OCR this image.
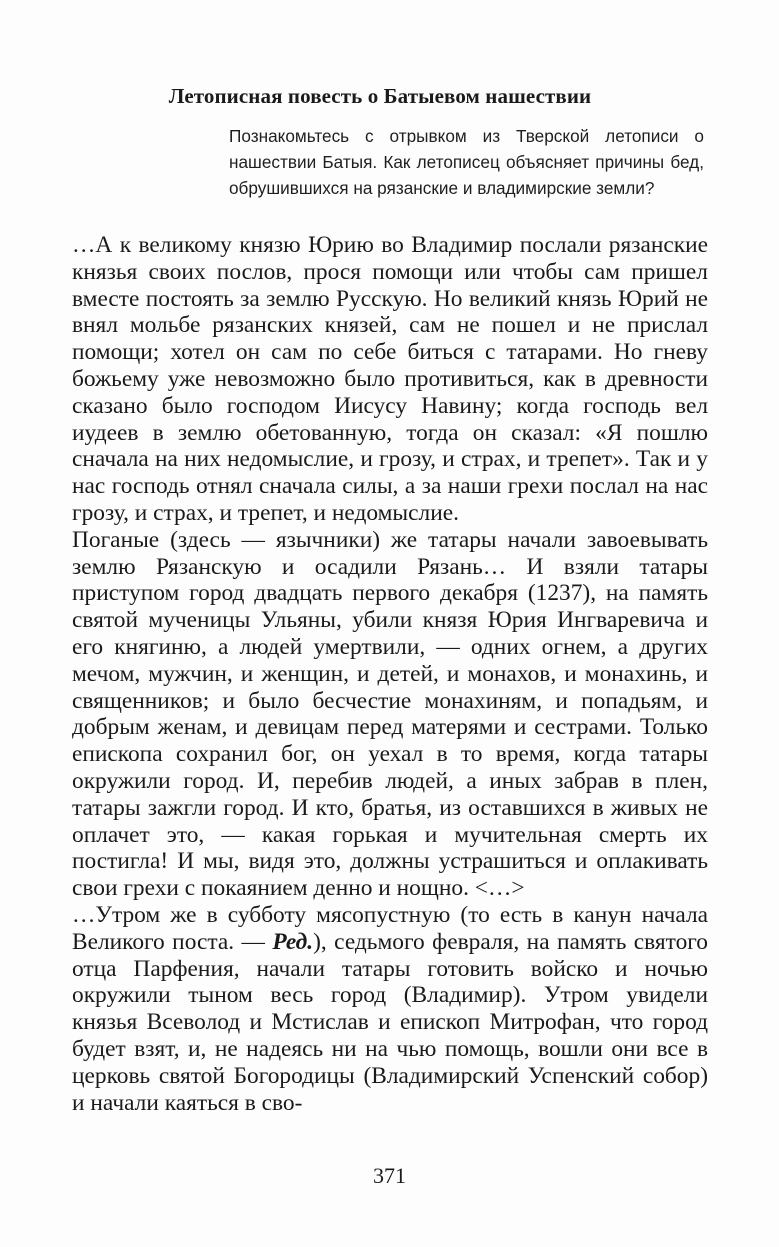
Летописная повесть о Батыевом нашествии

Познакомьтесь с отрывком из Тверской летописи о нашествии Батыя. Как летописец объясняет причины бед, обрушившихся на рязанские и владимирские земли?

…А к великому князю Юрию во Владимир послали рязанские князья своих послов, прося помощи или чтобы сам пришел вместе постоять за землю Русскую. Но великий князь Юрий не внял мольбе рязанских князей, сам не пошел и не прислал помощи; хотел он сам по себе биться с татарами. Но гневу божьему уже невозможно было противиться, как в древности сказано было господом Иисусу Навину; когда господь вел иудеев в землю обетованную, тогда он сказал: «Я пошлю сначала на них недомыслие, и грозу, и страх, и трепет». Так и у нас господь отнял сначала силы, а за наши грехи послал на нас грозу, и страх, и трепет, и недомыслие.

Поганые (здесь — язычники) же татары начали завоевывать землю Рязанскую и осадили Рязань… И взяли татары приступом город двадцать первого декабря (1237), на память святой мученицы Ульяны, убили князя Юрия Ингваревича и его княгиню, а людей умертвили, — одних огнем, а других мечом, мужчин, и женщин, и детей, и монахов, и монахинь, и священников; и было бесчестие монахиням, и попадьям, и добрым женам, и девицам перед матерями и сестрами. Только епископа сохранил бог, он уехал в то время, когда татары окружили город. И, перебив людей, а иных забрав в плен, татары зажгли город. И кто, братья, из оставшихся в живых не оплачет это, — какая горькая и мучительная смерть их постигла! И мы, видя это, должны устрашиться и оплакивать свои грехи с покаянием денно и нощно. <…>

…Утром же в субботу мясопустную (то есть в канун начала Великого поста. — Ред.), седьмого февраля, на память святого отца Парфения, начали татары готовить войско и ночью окружили тыном весь город (Владимир). Утром увидели князья Всеволод и Мстислав и епископ Митрофан, что город будет взят, и, не надеясь ни на чью помощь, вошли они все в церковь святой Богородицы (Владимирский Успенский собор) и начали каяться в сво-

371
